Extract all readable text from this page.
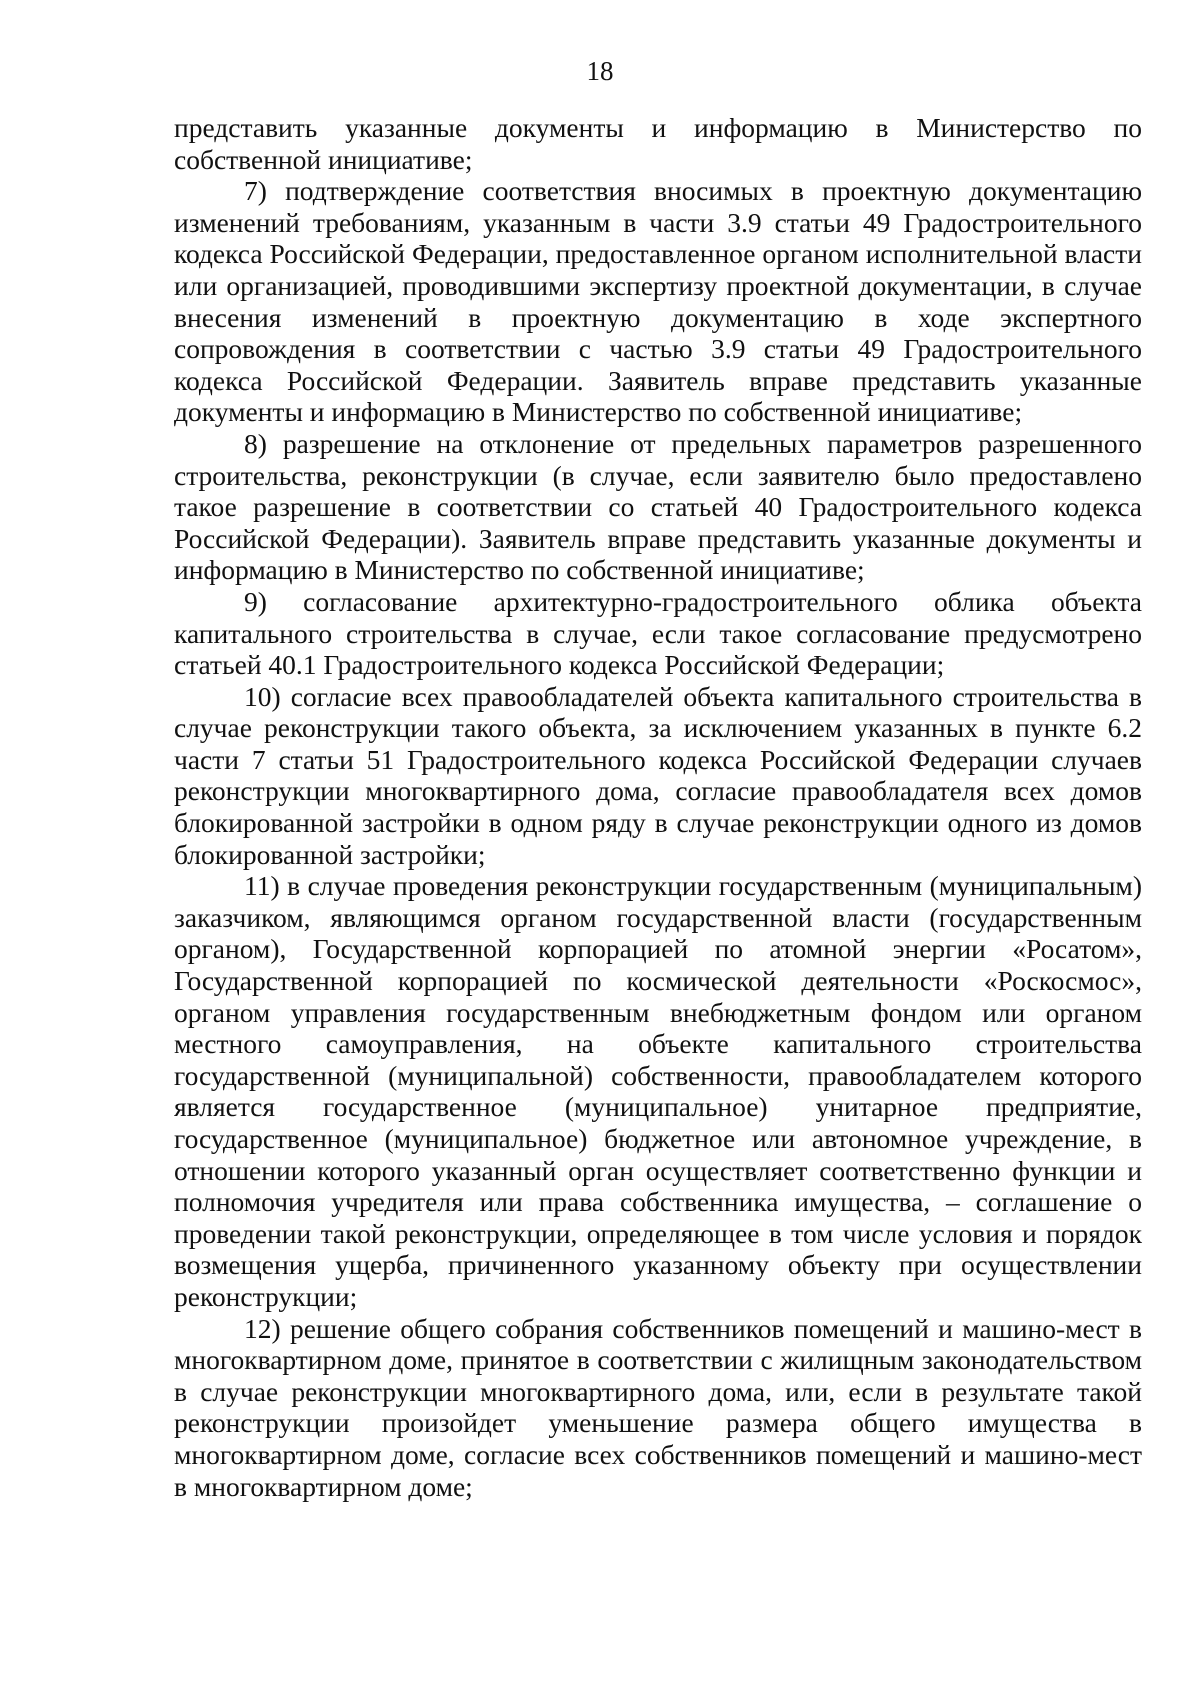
18

представить указанные документы и информацию в Министерство по собственной инициативе;

7) подтверждение соответствия вносимых в проектную документацию изменений требованиям, указанным в части 3.9 статьи 49 Градостроительного кодекса Российской Федерации, предоставленное органом исполнительной власти или организацией, проводившими экспертизу проектной документации, в случае внесения изменений в проектную документацию в ходе экспертного сопровождения в соответствии с частью 3.9 статьи 49 Градостроительного кодекса Российской Федерации. Заявитель вправе представить указанные документы и информацию в Министерство по собственной инициативе;

8) разрешение на отклонение от предельных параметров разрешенного строительства, реконструкции (в случае, если заявителю было предоставлено такое разрешение в соответствии со статьей 40 Градостроительного кодекса Российской Федерации). Заявитель вправе представить указанные документы и информацию в Министерство по собственной инициативе;

9) согласование архитектурно-градостроительного облика объекта капитального строительства в случае, если такое согласование предусмотрено статьей 40.1 Градостроительного кодекса Российской Федерации;

10) согласие всех правообладателей объекта капитального строительства в случае реконструкции такого объекта, за исключением указанных в пункте 6.2 части 7 статьи 51 Градостроительного кодекса Российской Федерации случаев реконструкции многоквартирного дома, согласие правообладателя всех домов блокированной застройки в одном ряду в случае реконструкции одного из домов блокированной застройки;

11) в случае проведения реконструкции государственным (муниципальным) заказчиком, являющимся органом государственной власти (государственным органом), Государственной корпорацией по атомной энергии «Росатом», Государственной корпорацией по космической деятельности «Роскосмос», органом управления государственным внебюджетным фондом или органом местного самоуправления, на объекте капитального строительства государственной (муниципальной) собственности, правообладателем которого является государственное (муниципальное) унитарное предприятие, государственное (муниципальное) бюджетное или автономное учреждение, в отношении которого указанный орган осуществляет соответственно функции и полномочия учредителя или права собственника имущества, – соглашение о проведении такой реконструкции, определяющее в том числе условия и порядок возмещения ущерба, причиненного указанному объекту при осуществлении реконструкции;

12) решение общего собрания собственников помещений и машино-мест в многоквартирном доме, принятое в соответствии с жилищным законодательством в случае реконструкции многоквартирного дома, или, если в результате такой реконструкции произойдет уменьшение размера общего имущества в многоквартирном доме, согласие всех собственников помещений и машино-мест в многоквартирном доме;
